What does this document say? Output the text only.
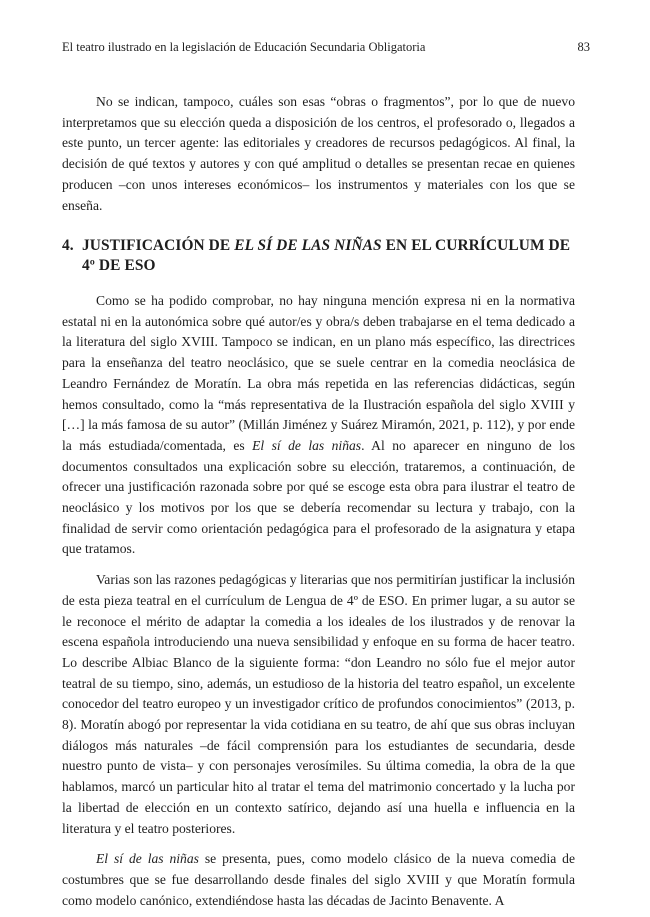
El teatro ilustrado en la legislación de Educación Secundaria Obligatoria	83

No se indican, tampoco, cuáles son esas “obras o fragmentos”, por lo que de nuevo interpretamos que su elección queda a disposición de los centros, el profesorado o, llegados a este punto, un tercer agente: las editoriales y creadores de recursos pedagógicos. Al final, la decisión de qué textos y autores y con qué amplitud o detalles se presentan recae en quienes producen –con unos intereses económicos– los instrumentos y materiales con los que se enseña.

4. JUSTIFICACIÓN DE EL SÍ DE LAS NIÑAS EN EL CURRÍCULUM DE 4º DE ESO

Como se ha podido comprobar, no hay ninguna mención expresa ni en la normativa estatal ni en la autonómica sobre qué autor/es y obra/s deben trabajarse en el tema dedicado a la literatura del siglo XVIII. Tampoco se indican, en un plano más específico, las directrices para la enseñanza del teatro neoclásico, que se suele centrar en la comedia neoclásica de Leandro Fernández de Moratín. La obra más repetida en las referencias didácticas, según hemos consultado, como la “más representativa de la Ilustración española del siglo XVIII y […] la más famosa de su autor” (Millán Jiménez y Suárez Miramón, 2021, p. 112), y por ende la más estudiada/comentada, es El sí de las niñas. Al no aparecer en ninguno de los documentos consultados una explicación sobre su elección, trataremos, a continuación, de ofrecer una justificación razonada sobre por qué se escoge esta obra para ilustrar el teatro de neoclásico y los motivos por los que se debería recomendar su lectura y trabajo, con la finalidad de servir como orientación pedagógica para el profesorado de la asignatura y etapa que tratamos.

Varias son las razones pedagógicas y literarias que nos permitirían justificar la inclusión de esta pieza teatral en el currículum de Lengua de 4º de ESO. En primer lugar, a su autor se le reconoce el mérito de adaptar la comedia a los ideales de los ilustrados y de renovar la escena española introduciendo una nueva sensibilidad y enfoque en su forma de hacer teatro. Lo describe Albiac Blanco de la siguiente forma: “don Leandro no sólo fue el mejor autor teatral de su tiempo, sino, además, un estudioso de la historia del teatro español, un excelente conocedor del teatro europeo y un investigador crítico de profundos conocimientos” (2013, p. 8). Moratín abogó por representar la vida cotidiana en su teatro, de ahí que sus obras incluyan diálogos más naturales –de fácil comprensión para los estudiantes de secundaria, desde nuestro punto de vista– y con personajes verosímiles. Su última comedia, la obra de la que hablamos, marcó un particular hito al tratar el tema del matrimonio concertado y la lucha por la libertad de elección en un contexto satírico, dejando así una huella e influencia en la literatura y el teatro posteriores.

El sí de las niñas se presenta, pues, como modelo clásico de la nueva comedia de costumbres que se fue desarrollando desde finales del siglo XVIII y que Moratín formula como modelo canónico, extendiéndose hasta las décadas de Jacinto Benavente. A
